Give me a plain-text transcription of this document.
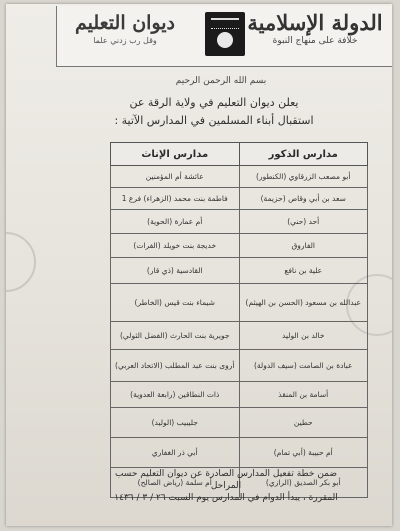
ديوان التعليم
وقل رب زدني علما
الدولة الإسلامية
خلافة على منهاج النبوة
بسم الله الرحمن الرحيم
يعلن ديوان التعليم في ولاية الرقة عن
استقبال أبناء المسلمين في المدارس الآتية :
مدارس الذكور	مدارس الإناث
أبو مصعب الزرقاوي (الكنطور)	عائشة أم المؤمنين
سعد بن أبي وقاص (حزيمة)	فاطمة بنت محمد (الزهراء) فرع 1
أحد (حني)	أم عمارة (الحوية)
الفاروق	خديجة بنت خويلد (الفرات)
علية بن نافع	القادسية (ذي قار)
عبدالله بن مسعود (الحسن بن الهيثم)	شيماء بنت قيس (الخاطر)
خالد بن الوليد	جويرية بنت الحارث (الفضل الثولي)
عبادة بن الصامت (سيف الدولة)	أروى بنت عبد المطلب (الاتحاد العربي)
أسامة بن المنقذ	ذات النطاقين (رابعة العدوية)
حطين	جليبيب (الوليد)
أم حبيبة (أبي تمام)	أبي ذر الغفاري
أبو بكر الصديق (الرازي)	أم سلمة (رياض الصالح)
ضمن خطة تفعيل المدارس الصادرة عن ديوان التعليم حسب المراحل
المقررة ، يبدأ الدوام في المدارس يوم السبت ٢٦ / ٣ / ١٤٣٦
